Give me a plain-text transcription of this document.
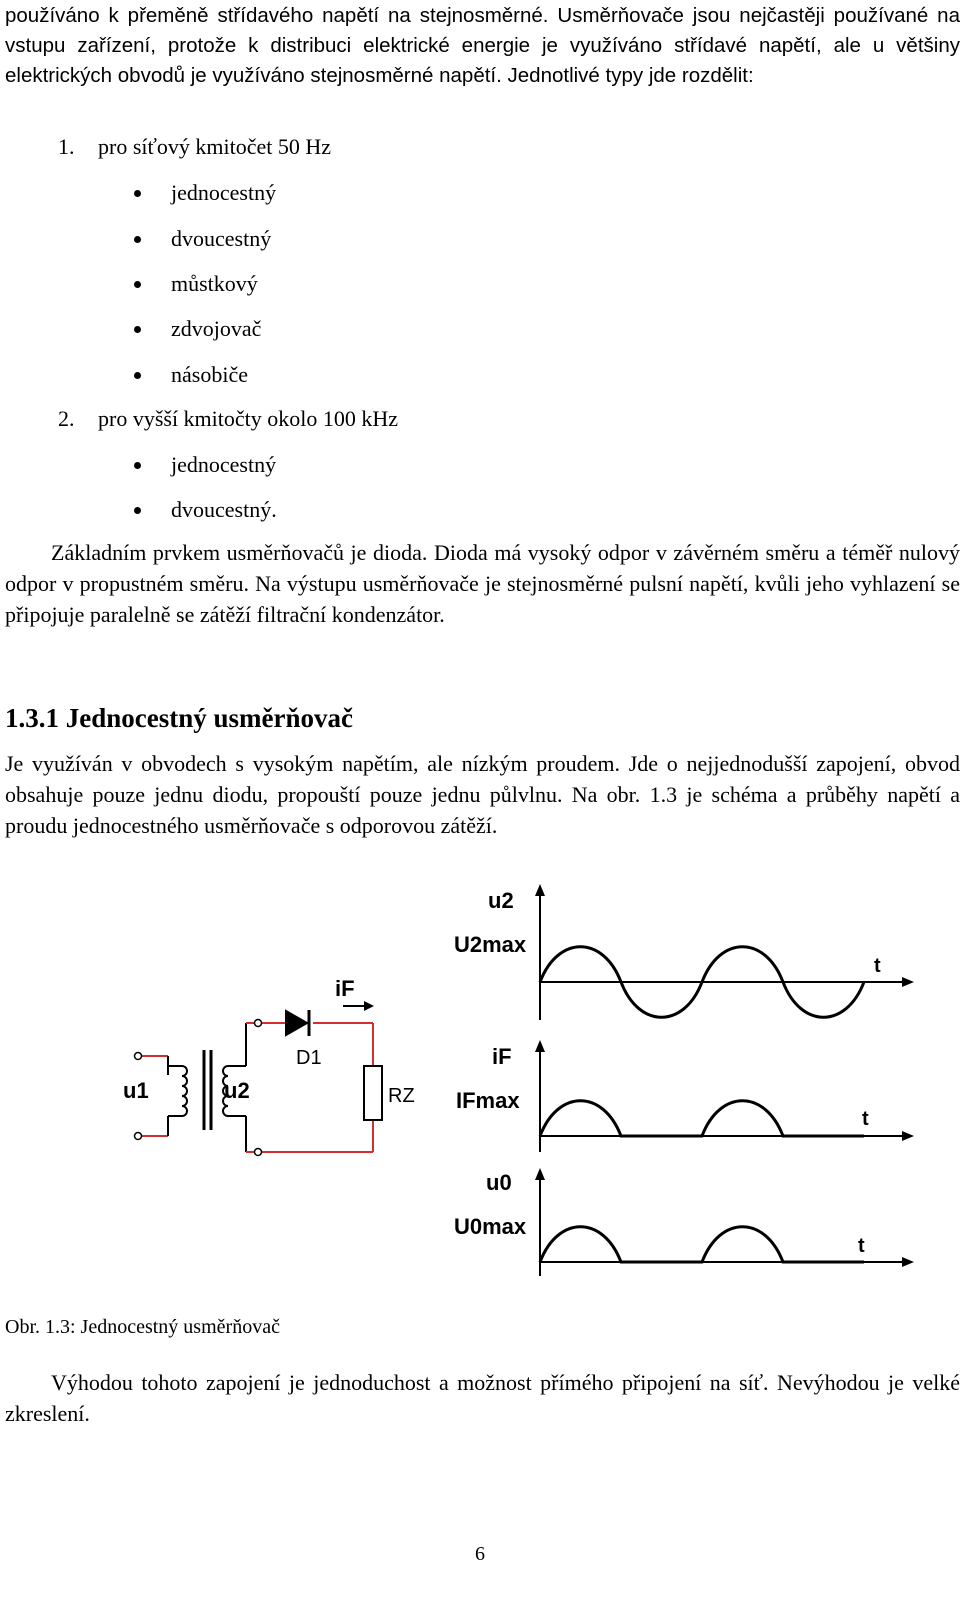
používáno k přeměně střídavého napětí na stejnosměrné. Usměrňovače jsou nejčastěji používané na vstupu zařízení, protože k distribuci elektrické energie je využíváno střídavé napětí, ale u většiny elektrických obvodů je využíváno stejnosměrné napětí. Jednotlivé typy jde rozdělit:

1. pro síťový kmitočet 50 Hz
jednocestný
dvoucestný
můstkový
zdvojovač
násobiče
2. pro vyšší kmitočty okolo 100 kHz
jednocestný
dvoucestný.

Základním prvkem usměrňovačů je dioda. Dioda má vysoký odpor v závěrném směru a téměř nulový odpor v propustném směru. Na výstupu usměrňovače je stejnosměrné pulsní napětí, kvůli jeho vyhlazení se připojuje paralelně se zátěží filtrační kondenzátor.

1.3.1 Jednocestný usměrňovač

Je využíván v obvodech s vysokým napětím, ale nízkým proudem. Jde o nejjednodušší zapojení, obvod obsahuje pouze jednu diodu, propouští pouze jednu půlvlnu. Na obr. 1.3 je schéma a průběhy napětí a proudu jednocestného usměrňovače s odporovou zátěží.

u1	u2
iF
D1
RZ
u2
U2max
t
iF
IFmax
t
u0
U0max
t
Obr. 1.3: Jednocestný usměrňovač

Výhodou tohoto zapojení je jednoduchost a možnost přímého připojení na síť. Nevýhodou je velké zkreslení.

6
